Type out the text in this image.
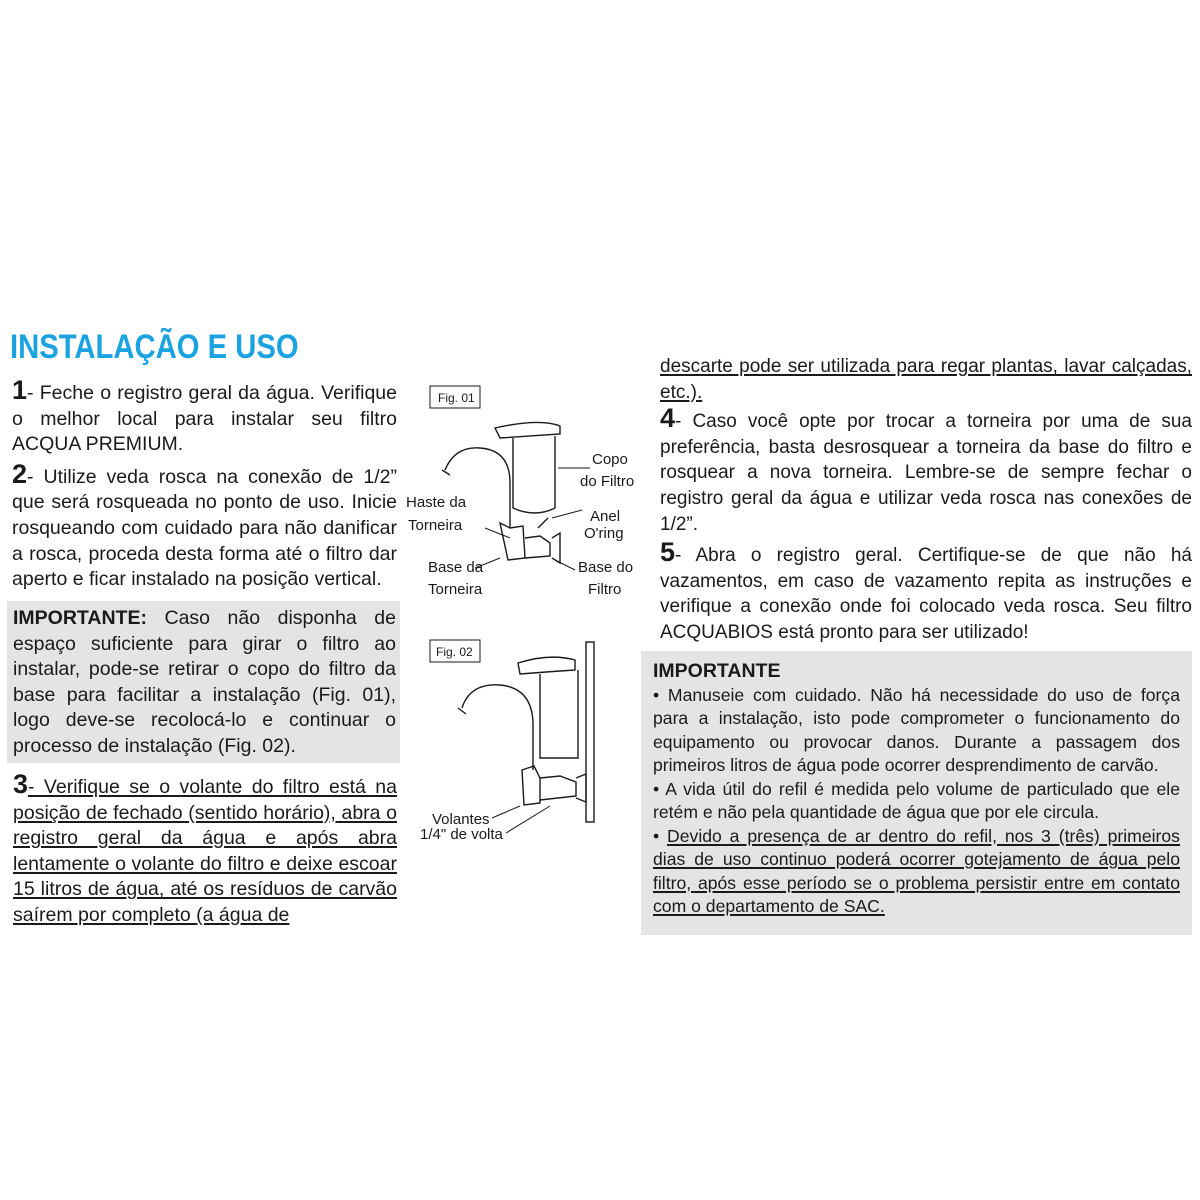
INSTALAÇÃO E USO

1- Feche o registro geral da água. Verifique o melhor local para instalar seu filtro ACQUA PREMIUM.

2- Utilize veda rosca na conexão de 1/2” que será rosqueada no ponto de uso. Inicie rosqueando com cuidado para não danificar a rosca, proceda desta forma até o filtro dar aperto e ficar instalado na posição vertical.

IMPORTANTE: Caso não disponha de espaço suficiente para girar o filtro ao instalar, pode-se retirar o copo do filtro da base para facilitar a instalação (Fig. 01), logo deve-se recolocá-lo e continuar o processo de instalação (Fig. 02).

3- Verifique se o volante do filtro está na posição de fechado (sentido horário), abra o registro geral da água e após abra lentamente o volante do filtro e deixe escoar 15 litros de água, até os resíduos de carvão saírem por completo (a água de

Fig. 01
Copo
do Filtro
Anel
O'ring
Haste da
Torneira
Base da
Torneira
Base do
Filtro
Fig. 02
Volantes
1/4" de volta

descarte pode ser utilizada para regar plantas, lavar calçadas, etc.).

4- Caso você opte por trocar a torneira por uma de sua preferência, basta desrosquear a torneira da base do filtro e rosquear a nova torneira. Lembre-se de sempre fechar o registro geral da água e utilizar veda rosca nas conexões de 1/2”.

5- Abra o registro geral. Certifique-se de que não há vazamentos, em caso de vazamento repita as instruções e verifique a conexão onde foi colocado veda rosca. Seu filtro ACQUABIOS está pronto para ser utilizado!

IMPORTANTE
• Manuseie com cuidado. Não há necessidade do uso de força para a instalação, isto pode comprometer o funcionamento do equipamento ou provocar danos. Durante a passagem dos primeiros litros de água pode ocorrer desprendimento de carvão.
• A vida útil do refil é medida pelo volume de particulado que ele retém e não pela quantidade de água que por ele circula.
• Devido a presença de ar dentro do refil, nos 3 (três) primeiros dias de uso continuo poderá ocorrer gotejamento de água pelo filtro, após esse período se o problema persistir entre em contato com o departamento de SAC.
